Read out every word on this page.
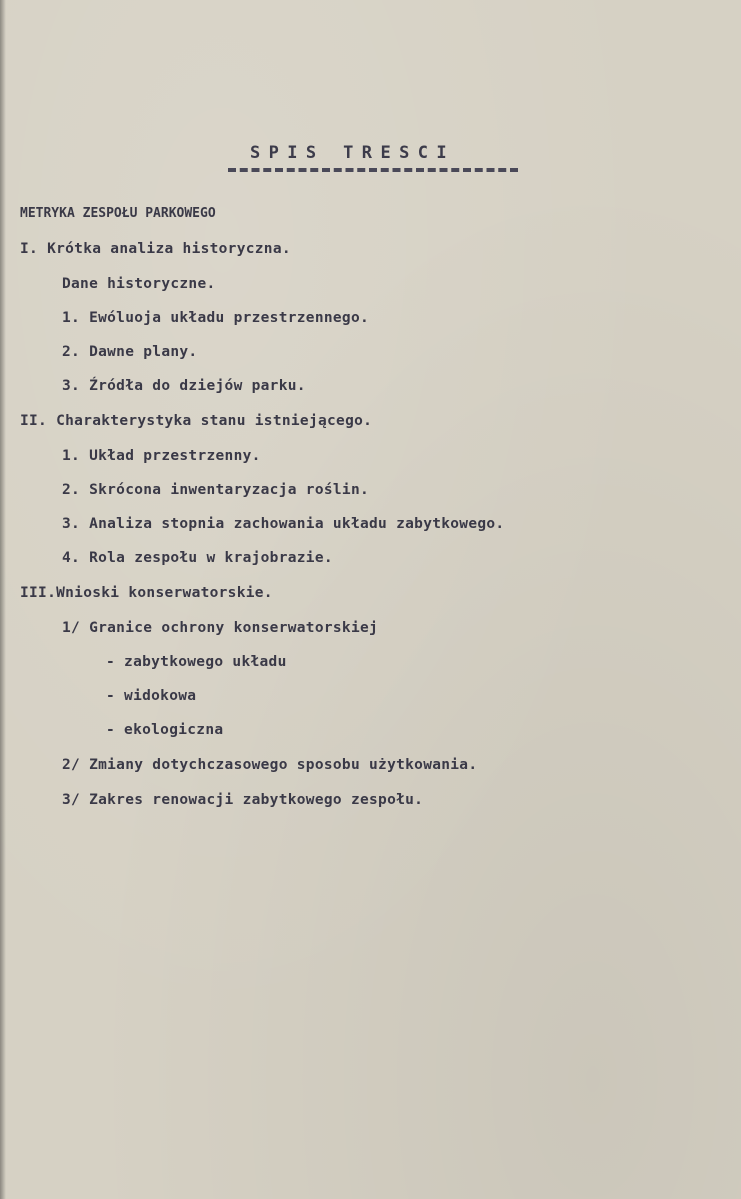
SPIS TRESCI
METRYKA ZESPOŁU PARKOWEGO
I. Krótka analiza historyczna.
Dane historyczne.
1. Ewóluoja układu przestrzennego.
2. Dawne plany.
3. Źródła do dziejów parku.
II. Charakterystyka stanu istniejącego.
1. Układ przestrzenny.
2. Skrócona inwentaryzacja roślin.
3. Analiza stopnia zachowania układu zabytkowego.
4. Rola zespołu w krajobrazie.
III.Wnioski konserwatorskie.
1/ Granice ochrony konserwatorskiej
- zabytkowego układu
- widokowa
- ekologiczna
2/ Zmiany dotychczasowego sposobu użytkowania.
3/ Zakres renowacji zabytkowego zespołu.
